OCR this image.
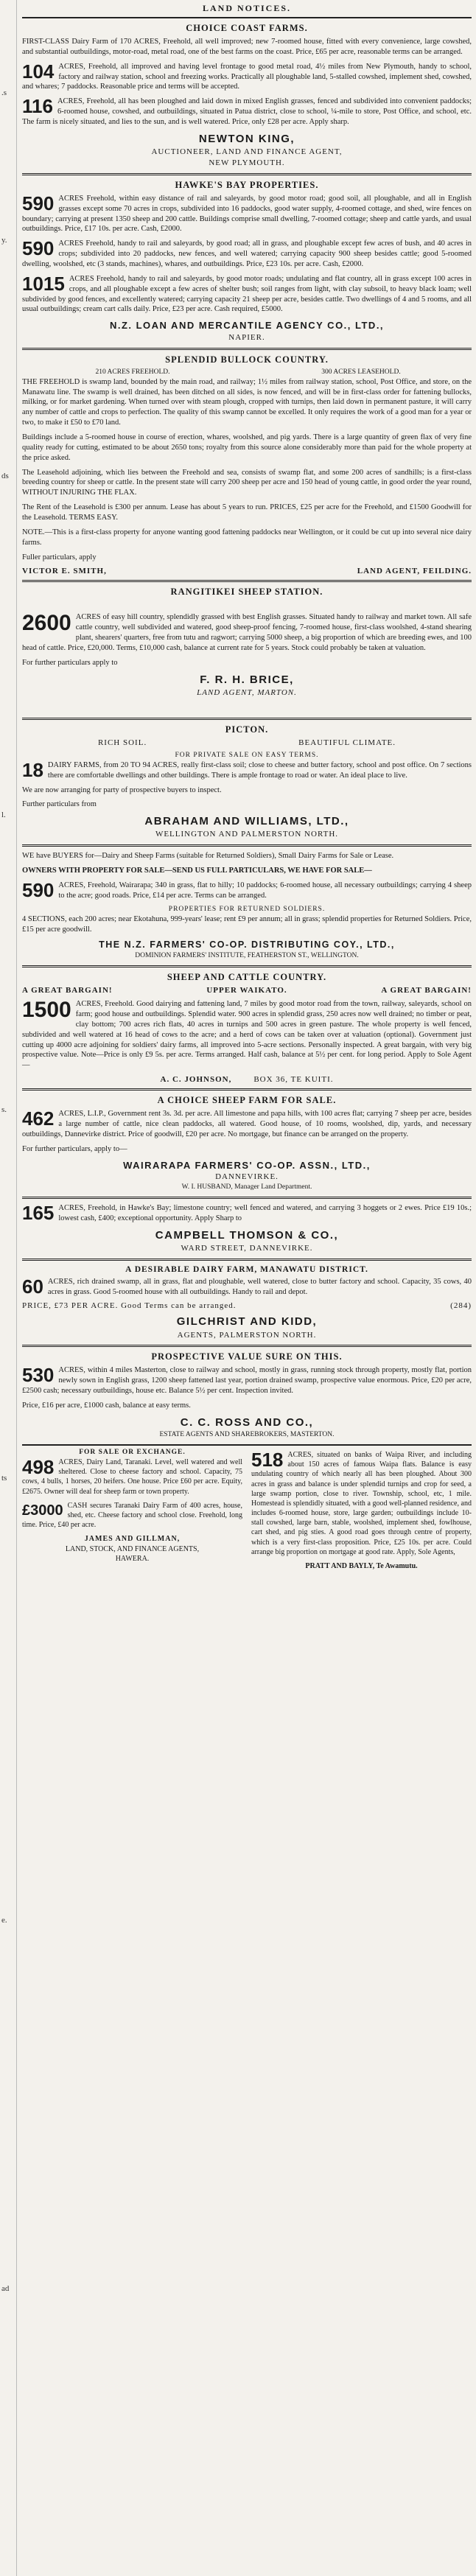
.s
y.
ds
l.
s.
ts
e.
ad
LAND NOTICES.
CHOICE COAST FARMS.
FIRST-CLASS Dairy Farm of 170 ACRES, Freehold, all well improved; new 7-roomed house, fitted with every convenience, large cowshed, and substantial outbuildings, motor-road, metal road, one of the best farms on the coast. Price, £65 per acre, reasonable terms can be arranged.
104 ACRES, Freehold, all improved and having level frontage to good metal road, 4½ miles from New Plymouth, handy to school, factory and railway station, school and freezing works. Practically all ploughable land, 5-stalled cowshed, implement shed, cowshed, and whares; 7 paddocks. Reasonable price and terms will be accepted.
116 ACRES, Freehold, all has been ploughed and laid down in mixed English grasses, fenced and subdivided into convenient paddocks; 6-roomed house, cowshed, and outbuildings, situated in Patua district, close to school, ¼-mile to store, Post Office, and school, etc. The farm is nicely situated, and lies to the sun, and is well watered. Price, only £28 per acre. Apply sharp.
NEWTON KING,
AUCTIONEER, LAND AND FINANCE AGENT,
NEW PLYMOUTH.
HAWKE'S BAY PROPERTIES.
590 ACRES Freehold, within easy distance of rail and saleyards, by good motor road; good soil, all ploughable, and all in English grasses except some 70 acres in crops, subdivided into 16 paddocks, good water supply, 4-roomed cottage, and shed, wire fences on boundary; carrying at present 1350 sheep and 200 cattle. Buildings comprise small dwelling, 7-roomed cottage; sheep and cattle yards, and usual outbuildings. Price, £17 10s. per acre. Cash, £2000.
590 ACRES Freehold, handy to rail and saleyards, by good road; all in grass, and ploughable except few acres of bush, and 40 acres in crops; subdivided into 20 paddocks, new fences, and well watered; carrying capacity 900 sheep besides cattle; good 5-roomed dwelling, woolshed, etc (3 stands, machines), whares, and outbuildings. Price, £23 10s. per acre. Cash, £2000.
1015 ACRES Freehold, handy to rail and saleyards, by good motor roads; undulating and flat country, all in grass except 100 acres in crops, and all ploughable except a few acres of shelter bush; soil ranges from light, with clay subsoil, to heavy black loam; well subdivided by good fences, and excellently watered; carrying capacity 21 sheep per acre, besides cattle. Two dwellings of 4 and 5 rooms, and all usual outbuildings; cream cart calls daily. Price, £23 per acre. Cash required, £5000.
N.Z. LOAN AND MERCANTILE AGENCY CO., LTD.,
NAPIER.
SPLENDID BULLOCK COUNTRY.
210 ACRES FREEHOLD.	300 ACRES LEASEHOLD.
THE FREEHOLD is swamp land, bounded by the main road, and railway; 1½ miles from railway station, school, Post Office, and store, on the Manawatu line. The swamp is well drained, has been ditched on all sides, is now fenced, and will be in first-class order for fattening bullocks, milking, or for market gardening. When turned over with steam plough, cropped with turnips, then laid down in permanent pasture, it will carry any number of cattle and crops to perfection. The quality of this swamp cannot be excelled. It only requires the work of a good man for a year or two, to make it £50 to £70 land.
Buildings include a 5-roomed house in course of erection, whares, woolshed, and pig yards. There is a large quantity of green flax of very fine quality ready for cutting, estimated to be about 2650 tons; royalty from this source alone considerably more than paid for the whole property at the price asked.
The Leasehold adjoining, which lies between the Freehold and sea, consists of swamp flat, and some 200 acres of sandhills; is a first-class breeding country for sheep or cattle. In the present state will carry 200 sheep per acre and 150 head of young cattle, in good order the year round, WITHOUT INJURING THE FLAX.
The Rent of the Leasehold is £300 per annum. Lease has about 5 years to run. PRICES, £25 per acre for the Freehold, and £1500 Goodwill for the Leasehold. TERMS EASY.
NOTE.—This is a first-class property for anyone wanting good fattening paddocks near Wellington, or it could be cut up into several nice dairy farms.
Fuller particulars, apply
VICTOR E. SMITH,	LAND AGENT, FEILDING.
RANGITIKEI SHEEP STATION.
2600 ACRES of easy hill country, splendidly grassed with best English grasses. Situated handy to railway and market town. All safe cattle country, well subdivided and watered, good sheep-proof fencing, 7-roomed house, first-class woolshed, 4-stand shearing plant, shearers' quarters, free from tutu and ragwort; carrying 5000 sheep, a big proportion of which are breeding ewes, and 100 head of cattle. Price, £20,000. Terms, £10,000 cash, balance at current rate for 5 years. Stock could probably be taken at valuation.
For further particulars apply to
F. R. H. BRICE,
LAND AGENT, MARTON.
PICTON.
RICH SOIL.	BEAUTIFUL CLIMATE.
FOR PRIVATE SALE ON EASY TERMS.
18 DAIRY FARMS, from 20 TO 94 ACRES, really first-class soil; close to cheese and butter factory, school and post office. On 7 sections there are comfortable dwellings and other buildings. There is ample frontage to road or water. An ideal place to live.
We are now arranging for party of prospective buyers to inspect.
Further particulars from
ABRAHAM AND WILLIAMS, LTD.,
WELLINGTON AND PALMERSTON NORTH.
WE have BUYERS for—Dairy and Sheep Farms (suitable for Returned Soldiers), Small Dairy Farms for Sale or Lease.
OWNERS WITH PROPERTY FOR SALE—SEND US FULL PARTICULARS, WE HAVE FOR SALE—
590 ACRES, Freehold, Wairarapa; 340 in grass, flat to hilly; 10 paddocks; 6-roomed house, all necessary outbuildings; carrying 4 sheep to the acre; good roads. Price, £14 per acre. Terms can be arranged.
PROPERTIES FOR RETURNED SOLDIERS.
4 SECTIONS, each 200 acres; near Ekotahuna, 999-years' lease; rent £9 per annum; all in grass; splendid properties for Returned Soldiers. Price, £15 per acre goodwill.
THE N.Z. FARMERS' CO-OP. DISTRIBUTING COY., LTD.,
DOMINION FARMERS' INSTITUTE, FEATHERSTON ST., WELLINGTON.
SHEEP AND CATTLE COUNTRY.
A GREAT BARGAIN!	UPPER WAIKATO.	A GREAT BARGAIN!
1500 ACRES, Freehold. Good dairying and fattening land, 7 miles by good motor road from the town, railway, saleyards, school on farm; good house and outbuildings. Splendid water. 900 acres in splendid grass, 250 acres now well drained; no timber or peat, clay bottom; 700 acres rich flats, 40 acres in turnips and 500 acres in green pasture. The whole property is well fenced, subdivided and well watered at 16 head of cows to the acre; and a herd of cows can be taken over at valuation (optional). Government just cutting up 4000 acre adjoining for soldiers' dairy farms, all improved into 5-acre sections. Personally inspected. A great bargain, with very big prospective value. Note—Price is only £9 5s. per acre. Terms arranged. Half cash, balance at 5½ per cent. for long period. Apply to Sole Agent—
A. C. JOHNSON,	BOX 36, TE KUITI.
A CHOICE SHEEP FARM FOR SALE.
462 ACRES, L.I.P., Government rent 3s. 3d. per acre. All limestone and papa hills, with 100 acres flat; carrying 7 sheep per acre, besides a large number of cattle, nice clean paddocks, all watered. Good house, of 10 rooms, woolshed, dip, yards, and necessary outbuildings, Dannevirke district. Price of goodwill, £20 per acre. No mortgage, but finance can be arranged on the property.
For further particulars, apply to—
WAIRARAPA FARMERS' CO-OP. ASSN., LTD.,
DANNEVIRKE.
W. I. HUSBAND, Manager Land Department.
165 ACRES, Freehold, in Hawke's Bay; limestone country; well fenced and watered, and carrying 3 hoggets or 2 ewes. Price £19 10s.; lowest cash, £400; exceptional opportunity. Apply Sharp to
CAMPBELL THOMSON & CO.,
WARD STREET, DANNEVIRKE.
A DESIRABLE DAIRY FARM, MANAWATU DISTRICT.
60 ACRES, rich drained swamp, all in grass, flat and ploughable, well watered, close to butter factory and school. Capacity, 35 cows, 40 acres in grass. Good 5-roomed house with all outbuildings. Handy to rail and depot.
PRICE, £73 PER ACRE. Good Terms can be arranged.	(284)
GILCHRIST AND KIDD,
AGENTS, PALMERSTON NORTH.
PROSPECTIVE VALUE SURE ON THIS.
530 ACRES, within 4 miles Masterton, close to railway and school, mostly in grass, running stock through property, mostly flat, portion newly sown in English grass, 1200 sheep fattened last year, portion drained swamp, prospective value enormous. Price, £20 per acre, £2500 cash; necessary outbuildings, house etc. Balance 5½ per cent. Inspection invited.
Price, £16 per acre, £1000 cash, balance at easy terms.
C. C. ROSS AND CO.,
ESTATE AGENTS AND SHAREBROKERS, MASTERTON.
FOR SALE OR EXCHANGE.
498 ACRES, Dairy Land, Taranaki. Level, well watered and well sheltered. Close to cheese factory and school. Capacity, 75 cows, 4 bulls, 1 horses, 20 heifers. One house. Price £60 per acre. Equity, £2675. Owner will deal for sheep farm or town property.
£3000 CASH secures Taranaki Dairy Farm of 400 acres, house, shed, etc. Cheese factory and school close. Freehold, long time. Price, £40 per acre.
JAMES AND GILLMAN,
LAND, STOCK, AND FINANCE AGENTS,
HAWERA.
518 ACRES, situated on banks of Waipa River, and including about 150 acres of famous Waipa flats. Balance is easy undulating country of which nearly all has been ploughed. About 300 acres in grass and balance is under splendid turnips and crop for seed, a large swamp portion, close to river. Township, school, etc, 1 mile. Homestead is splendidly situated, with a good well-planned residence, and includes 6-roomed house, store, large garden; outbuildings include 10-stall cowshed, large barn, stable, woolshed, implement shed, fowlhouse, cart shed, and pig sties. A good road goes through centre of property, which is a very first-class proposition. Price, £25 10s. per acre. Could arrange big proportion on mortgage at good rate. Apply, Sole Agents,
PRATT AND BAYLY, Te Awamutu.
